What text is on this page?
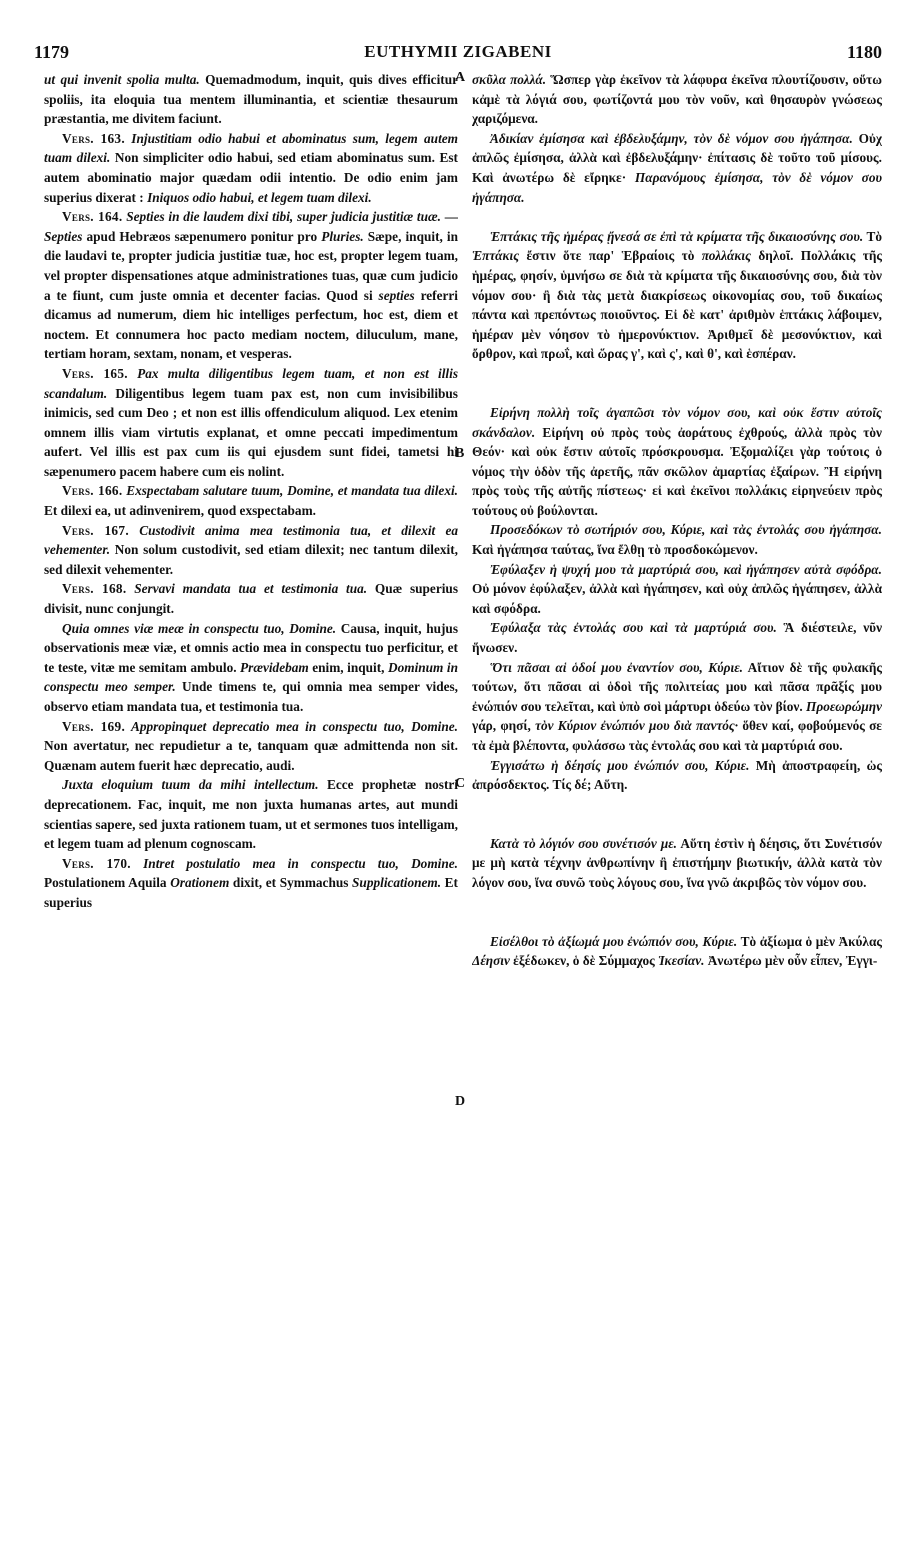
1179	EUTHYMII ZIGABENI	1180

ut qui invenit spolia multa. Quemadmodum, inquit, quis dives efficitur spoliis, ita eloquia tua mentem illuminantia, et scientiæ thesaurum præstantia, me divitem faciunt.

Vers. 163. Injustitiam odio habui et abominatus sum, legem autem tuam dilexi. Non simpliciter odio habui, sed etiam abominatus sum. Est autem abominatio major quædam odii intentio. De odio enim jam superius dixerat : Iniquos odio habui, et legem tuam dilexi.

Vers. 164. Septies in die laudem dixi tibi, super judicia justitiæ tuæ. — Septies apud Hebræos sæpenumero ponitur pro Pluries. Sæpe, inquit, in die laudavi te, propter judicia justitiæ tuæ, hoc est, propter legem tuam, vel propter dispensationes atque administrationes tuas, quæ cum judicio a te fiunt, cum juste omnia et decenter facias. Quod si septies referri dicamus ad numerum, diem hic intelliges perfectum, hoc est, diem et noctem. Et connumera hoc pacto mediam noctem, diluculum, mane, tertiam horam, sextam, nonam, et vesperas.

Vers. 165. Pax multa diligentibus legem tuam, et non est illis scandalum. Diligentibus legem tuam pax est, non cum invisibilibus inimicis, sed cum Deo ; et non est illis offendiculum aliquod. Lex etenim omnem illis viam virtutis explanat, et omne peccati impedimentum aufert. Vel illis est pax cum iis qui ejusdem sunt fidei, tametsi hi sæpenumero pacem habere cum eis nolint.

Vers. 166. Exspectabam salutare tuum, Domine, et mandata tua dilexi. Et dilexi ea, ut adinvenirem, quod exspectabam.

Vers. 167. Custodivit anima mea testimonia tua, et dilexit ea vehementer. Non solum custodivit, sed etiam dilexit; nec tantum dilexit, sed dilexit vehementer.

Vers. 168. Servavi mandata tua et testimonia tua. Quæ superius divisit, nunc conjungit.

Quia omnes viæ meæ in conspectu tuo, Domine. Causa, inquit, hujus observationis meæ viæ, et omnis actio mea in conspectu tuo perficitur, et te teste, vitæ me semitam ambulo. Prævidebam enim, inquit, Dominum in conspectu meo semper. Unde timens te, qui omnia mea semper vides, observo etiam mandata tua, et testimonia tua.

Vers. 169. Appropinquet deprecatio mea in conspectu tuo, Domine. Non avertatur, nec repudietur a te, tanquam quæ admittenda non sit. Quænam autem fuerit hæc deprecatio, audi.

Juxta eloquium tuum da mihi intellectum. Ecce prophetæ nostri deprecationem. Fac, inquit, me non juxta humanas artes, aut mundi scientias sapere, sed juxta rationem tuam, ut et sermones tuos intelligam, et legem tuam ad plenum cognoscam.

Vers. 170. Intret postulatio mea in conspectu tuo, Domine. Postulationem Aquila Orationem dixit, et Symmachus Supplicationem. Et superius

σκῦλα πολλά. Ὥσπερ γὰρ ἐκεῖνον τὰ λάφυρα ἐκεῖνα πλουτίζουσιν, οὕτω κἀμὲ τὰ λόγιά σου, φωτίζοντά μου τὸν νοῦν, καὶ θησαυρὸν γνώσεως χαριζόμενα.

Ἀδικίαν ἐμίσησα καὶ ἐβδελυξάμην, τὸν δὲ νόμον σου ἠγάπησα. Οὐχ ἁπλῶς ἐμίσησα, ἀλλὰ καὶ ἐβδελυξάμην· ἐπίτασις δὲ τοῦτο τοῦ μίσους. Καὶ ἀνωτέρω δὲ εἴρηκε· Παρανόμους ἐμίσησα, τὸν δὲ νόμον σου ἠγάπησα.

Ἑπτάκις τῆς ἡμέρας ᾔνεσά σε ἐπὶ τὰ κρίματα τῆς δικαιοσύνης σου. Τὸ Ἑπτάκις ἔστιν ὅτε παρ' Ἑβραίοις τὸ πολλάκις δηλοῖ. Πολλάκις τῆς ἡμέρας, φησίν, ὑμνήσω σε διὰ τὰ κρίματα τῆς δικαιοσύνης σου, διὰ τὸν νόμον σου· ἢ διὰ τὰς μετὰ διακρίσεως οἰκονομίας σου, τοῦ δικαίως πάντα καὶ πρεπόντως ποιοῦντος. Εἰ δὲ κατ' ἀριθμὸν ἑπτάκις λάβοιμεν, ἡμέραν μὲν νόησον τὸ ἡμερονύκτιον. Ἀριθμεῖ δὲ μεσονύκτιον, καὶ ὄρθρον, καὶ πρωΐ, καὶ ὥρας γ', καὶ ς', καὶ θ', καὶ ἑσπέραν.

Εἰρήνη πολλὴ τοῖς ἀγαπῶσι τὸν νόμον σου, καὶ οὐκ ἔστιν αὐτοῖς σκάνδαλον. Εἰρήνη οὐ πρὸς τοὺς ἀοράτους ἐχθρούς, ἀλλὰ πρὸς τὸν Θεόν· καὶ οὐκ ἔστιν αὐτοῖς πρόσκρουσμα. Ἐξομαλίζει γὰρ τούτοις ὁ νόμος τὴν ὁδὸν τῆς ἀρετῆς, πᾶν σκῶλον ἁμαρτίας ἐξαίρων. Ἢ εἰρήνη πρὸς τοὺς τῆς αὐτῆς πίστεως· εἰ καὶ ἐκεῖνοι πολλάκις εἰρηνεύειν πρὸς τούτους οὐ βούλονται.

Προσεδόκων τὸ σωτήριόν σου, Κύριε, καὶ τὰς ἐντολάς σου ἠγάπησα. Καὶ ἠγάπησα ταύτας, ἵνα ἔλθῃ τὸ προσδοκώμενον.

Ἐφύλαξεν ἡ ψυχή μου τὰ μαρτύριά σου, καὶ ἠγάπησεν αὐτὰ σφόδρα. Οὐ μόνον ἐφύλαξεν, ἀλλὰ καὶ ἠγάπησεν, καὶ οὐχ ἁπλῶς ἠγάπησεν, ἀλλὰ καὶ σφόδρα.

Ἐφύλαξα τὰς ἐντολάς σου καὶ τὰ μαρτύριά σου. Ἃ διέστειλε, νῦν ἥνωσεν.

Ὅτι πᾶσαι αἱ ὁδοί μου ἐναντίον σου, Κύριε. Αἴτιον δὲ τῆς φυλακῆς τούτων, ὅτι πᾶσαι αἱ ὁδοὶ τῆς πολιτείας μου καὶ πᾶσα πρᾶξίς μου ἐνώπιόν σου τελεῖται, καὶ ὑπὸ σοὶ μάρτυρι ὁδεύω τὸν βίον. Προεωρώμην γάρ, φησί, τὸν Κύριον ἐνώπιόν μου διὰ παντός· ὅθεν καί, φοβούμενός σε τὰ ἐμὰ βλέποντα, φυλάσσω τὰς ἐντολάς σου καὶ τὰ μαρτύριά σου.

Ἐγγισάτω ἡ δέησίς μου ἐνώπιόν σου, Κύριε. Μὴ ἀποστραφείη, ὡς ἀπρόσδεκτος. Τίς δέ; Αὕτη.

Κατὰ τὸ λόγιόν σου συνέτισόν με. Αὕτη ἐστὶν ἡ δέησις, ὅτι Συνέτισόν με μὴ κατὰ τέχνην ἀνθρωπίνην ἢ ἐπιστήμην βιωτικήν, ἀλλὰ κατὰ τὸν λόγον σου, ἵνα συνῶ τοὺς λόγους σου, ἵνα γνῶ ἀκριβῶς τὸν νόμον σου.

Εἰσέλθοι τὸ ἀξίωμά μου ἐνώπιόν σου, Κύριε. Τὸ ἀξίωμα ὁ μὲν Ἀκύλας Δέησιν ἐξέδωκεν, ὁ δὲ Σύμμαχος Ἱκεσίαν. Ἀνωτέρω μὲν οὖν εἶπεν, Ἐγγι-

A
B
C
D
